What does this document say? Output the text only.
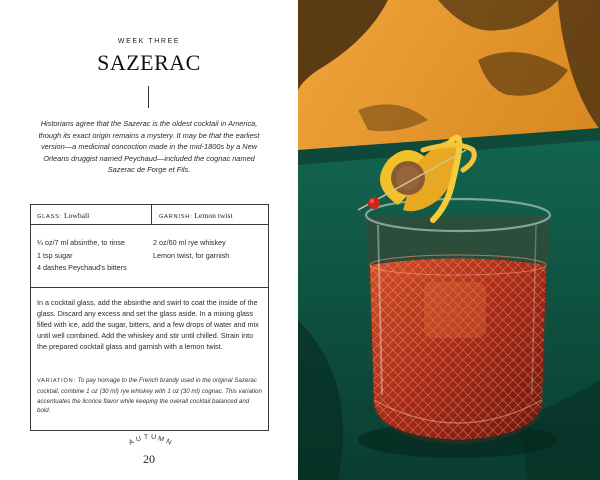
WEEK THREE
SAZERAC
Historians agree that the Sazerac is the oldest cocktail in America, though its exact origin remains a mystery. It may be that the earliest version—a medicinal concoction made in the mid-1800s by a New Orleans druggist named Peychaud—included the cognac named Sazerac de Forge et Fils.
GLASS: Lowball	GARNISH: Lemon twist
¼ oz/7 ml absinthe, to rinse
1 tsp sugar
4 dashes Peychaud's bitters
2 oz/60 ml rye whiskey
Lemon twist, for garnish
In a cocktail glass, add the absinthe and swirl to coat the inside of the glass. Discard any excess and set the glass aside. In a mixing glass filled with ice, add the sugar, bitters, and a few drops of water and mix until well combined. Add the whiskey and stir until chilled. Strain into the prepared cocktail glass and garnish with a lemon twist.
VARIATION: To pay homage to the French brandy used in the original Sazerac cocktail, combine 1 oz (30 ml) rye whiskey with 1 oz (30 ml) cognac. This variation accentuates the licorice flavor while keeping the overall cocktail balanced and bold.
A U T U M N
20
